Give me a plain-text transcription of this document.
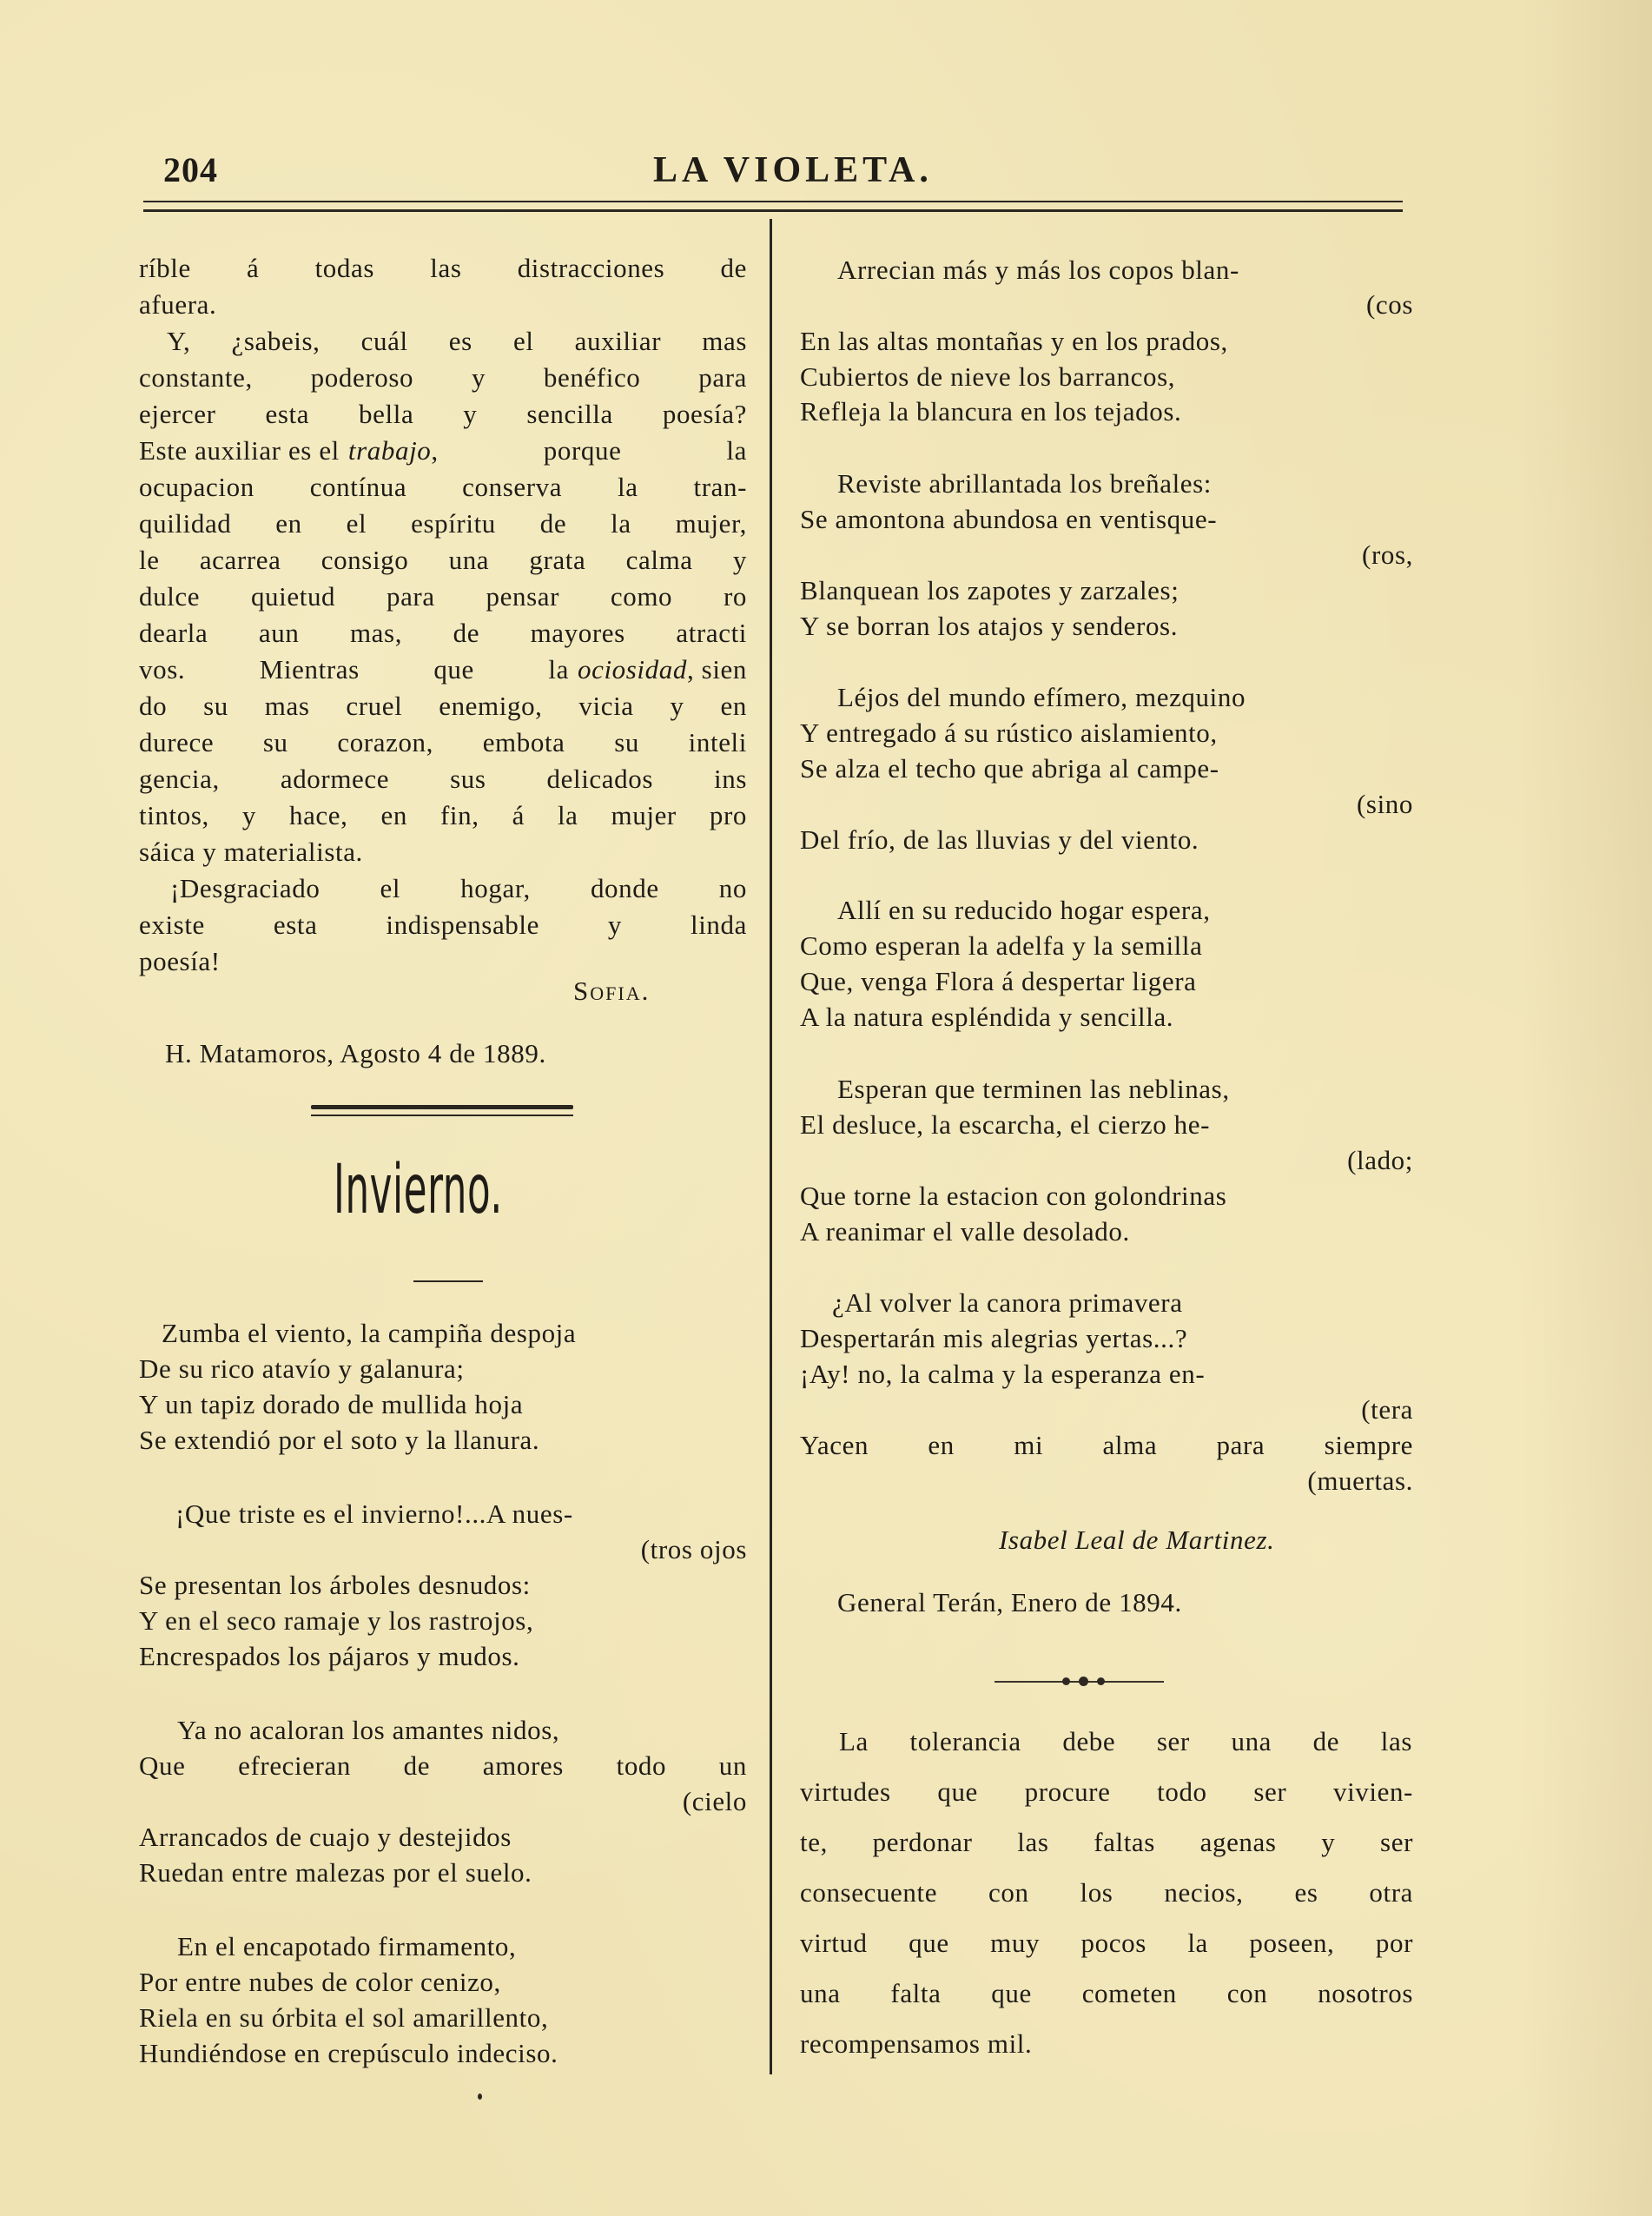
204	LA VIOLETA.
ríble á todas las distracciones de
afuera.
Y, ¿sabeis, cuál es el auxiliar mas
constante, poderoso y benéfico para
ejercer esta bella y sencilla poesía?
Este auxiliar es el trabajo , porque la
ocupacion contínua conserva la tran-
quilidad en el espíritu de la mujer,
le acarrea consigo una grata calma y
dulce quietud para pensar como ro
dearla aun mas, de mayores atracti
vos. Mientras que la ociosidad , sien
do su mas cruel enemigo, vicia y en
durece su corazon, embota su inteli
gencia, adormece sus delicados ins
tintos, y hace, en fin, á la mujer pro
sáica y materialista.
¡Desgraciado el hogar, donde no
existe esta indispensable y linda
poesía!
Sofia.
H. Matamoros, Agosto 4 de 1889.
Invierno.
Zumba el viento, la campiña despoja
De su rico atavío y galanura;
Y un tapiz dorado de mullida hoja
Se extendió por el soto y la llanura.
¡Que triste es el invierno!...A nues-
(tros ojos
Se presentan los árboles desnudos:
Y en el seco ramaje y los rastrojos,
Encrespados los pájaros y mudos.
Ya no acaloran los amantes nidos,
Que efrecieran de amores todo un
(cielo
Arrancados de cuajo y destejidos
Ruedan entre malezas por el suelo.
En el encapotado firmamento,
Por entre nubes de color cenizo,
Riela en su órbita el sol amarillento,
Hundiéndose en crepúsculo indeciso.
Arrecian más y más los copos blan-
(cos
En las altas montañas y en los prados,
Cubiertos de nieve los barrancos,
Refleja la blancura en los tejados.
Reviste abrillantada los breñales:
Se amontona abundosa en ventisque-
(ros,
Blanquean los zapotes y zarzales;
Y se borran los atajos y senderos.
Léjos del mundo efímero, mezquino
Y entregado á su rústico aislamiento,
Se alza el techo que abriga al campe-
(sino
Del frío, de las lluvias y del viento.
Allí en su reducido hogar espera,
Como esperan la adelfa y la semilla
Que, venga Flora á despertar ligera
A la natura espléndida y sencilla.
Esperan que terminen las neblinas,
El desluce, la escarcha, el cierzo he-
(lado;
Que torne la estacion con golondrinas
A reanimar el valle desolado.
¿Al volver la canora primavera
Despertarán mis alegrias yertas...?
¡Ay! no, la calma y la esperanza en-
(tera
Yacen en mi alma para siempre
(muertas.
Isabel Leal de Martinez.
General Terán, Enero de 1894.
La tolerancia debe ser una de las
virtudes que procure todo ser vivien-
te, perdonar las faltas agenas y ser
consecuente con los necios, es otra
virtud que muy pocos la poseen, por
una falta que cometen con nosotros
recompensamos mil.
